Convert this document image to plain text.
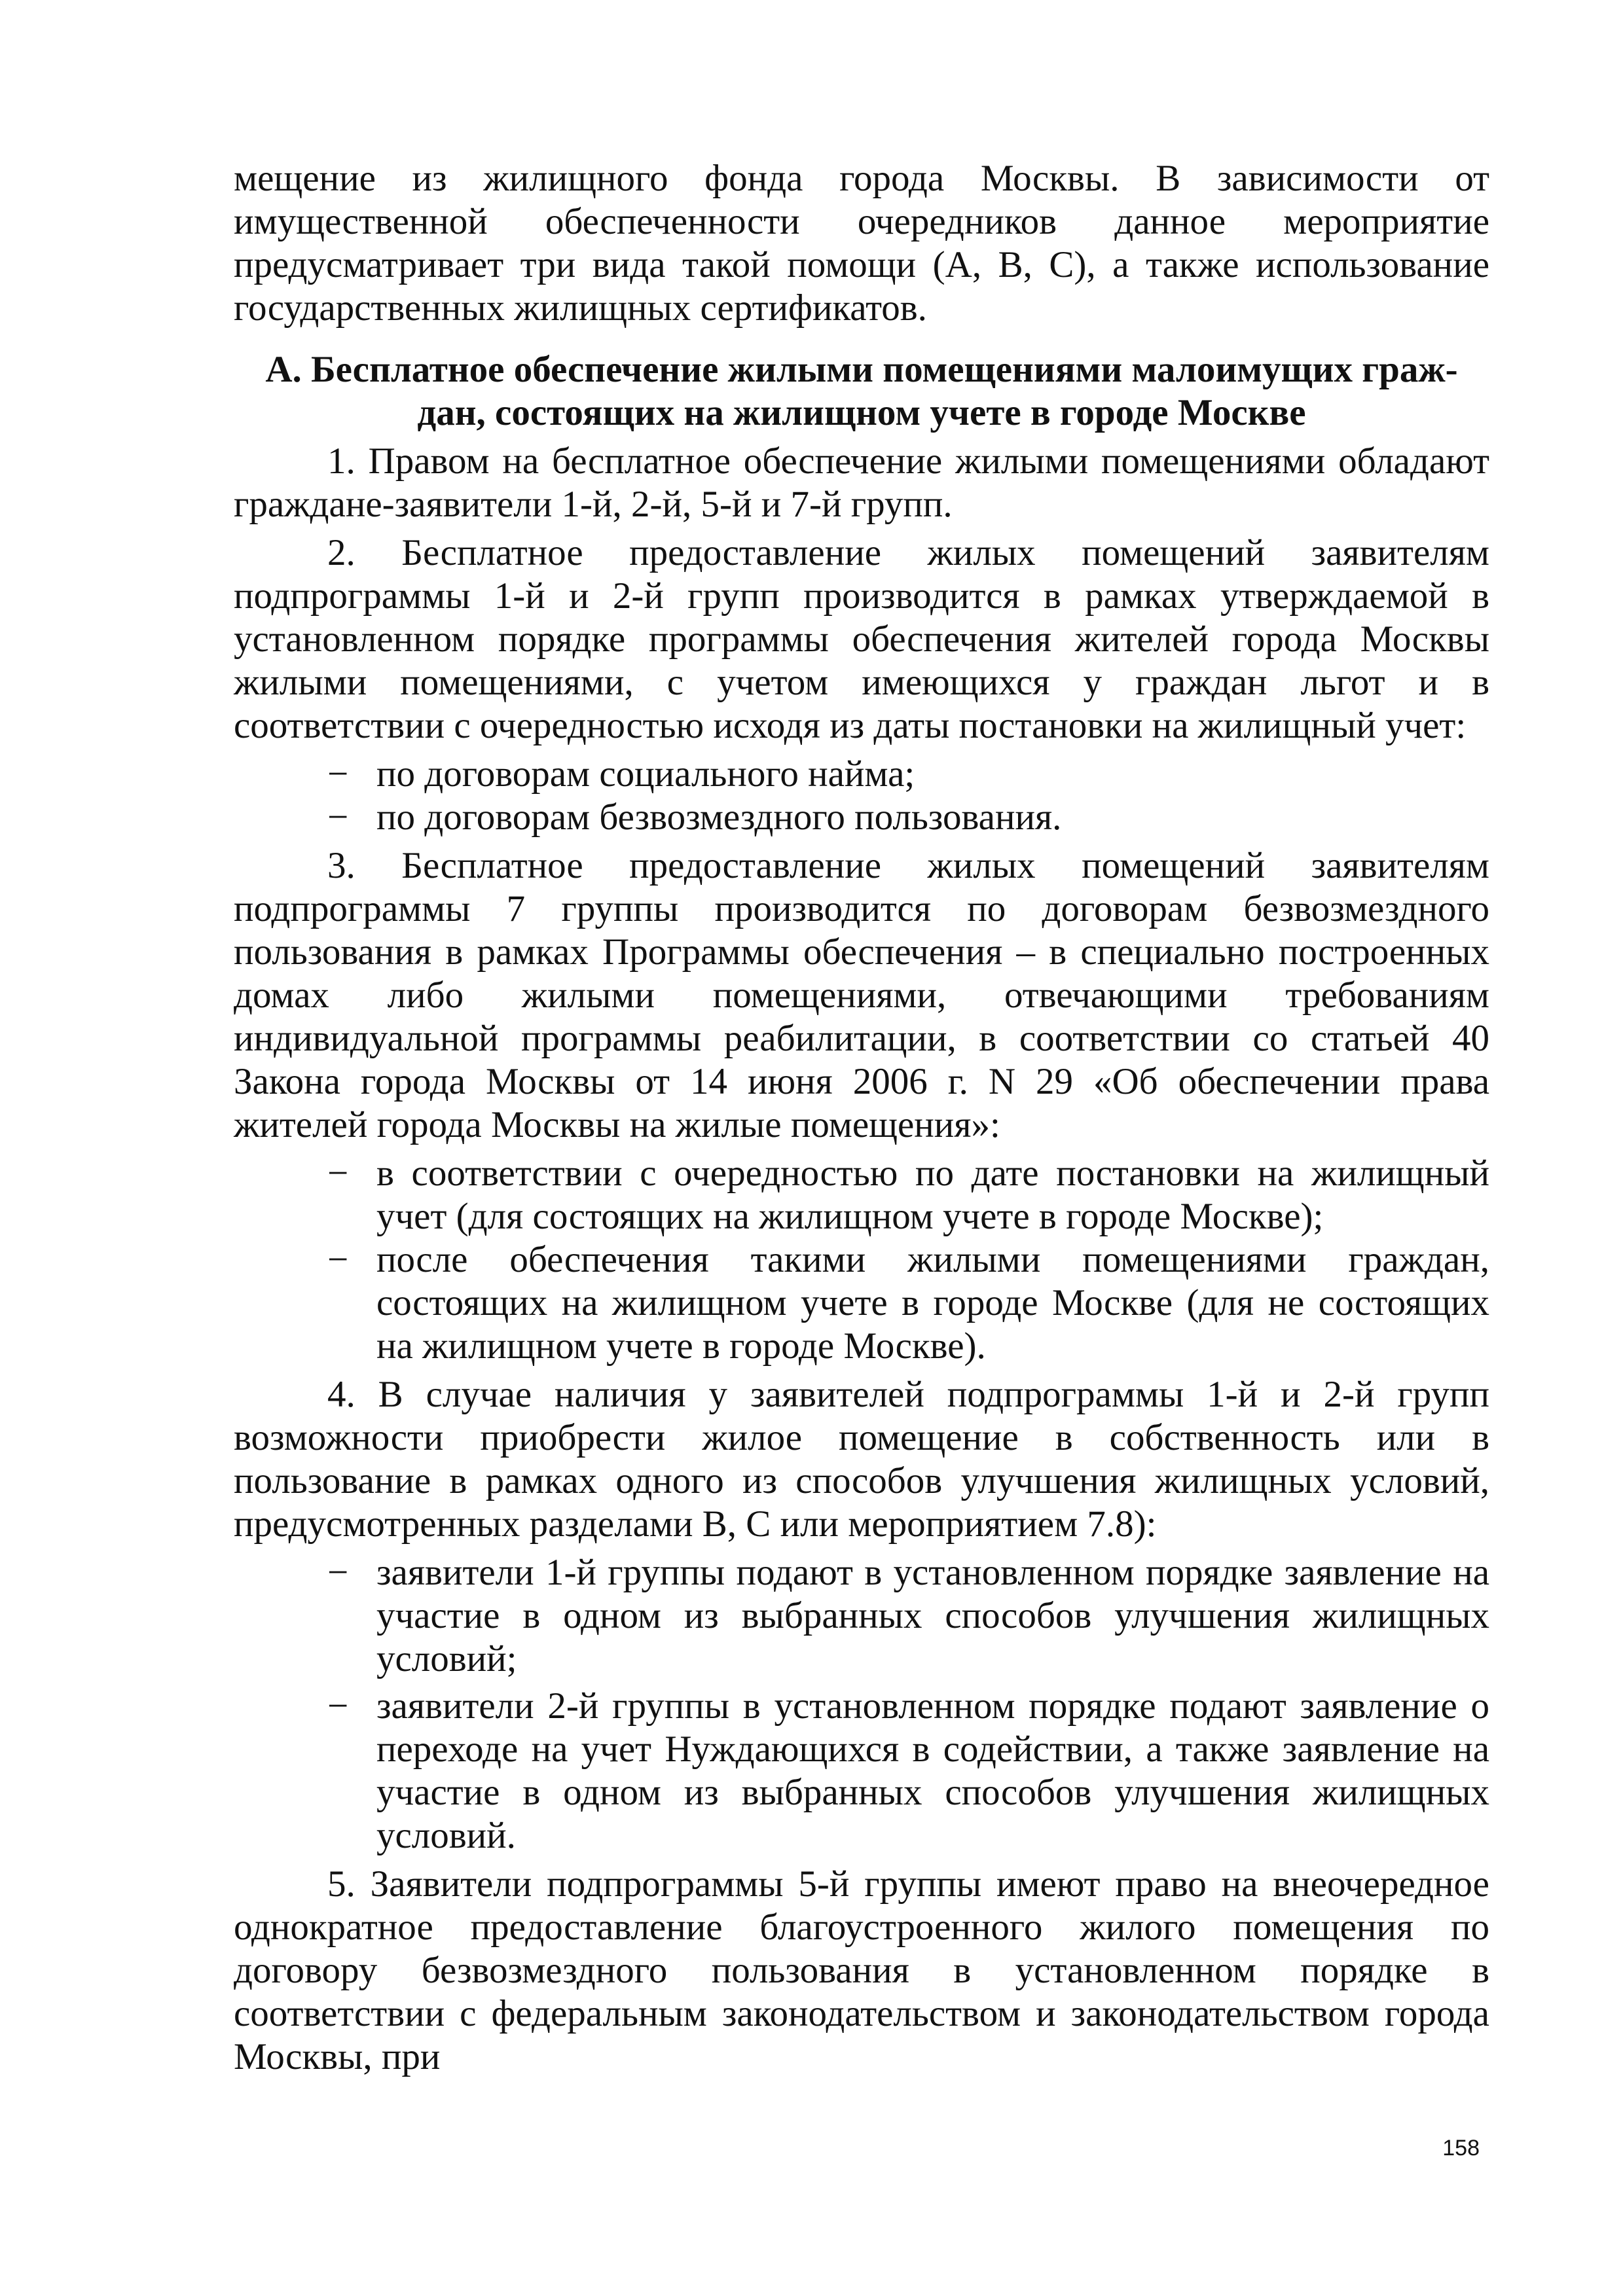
мещение из жилищного фонда города Москвы. В зависимости от имущественной обеспеченности очередников данное мероприятие предусматривает три вида такой помощи (А, В, С), а также использование государственных жилищных сертификатов.

А. Бесплатное обеспечение жилыми помещениями малоимущих граж-
дан, состоящих на жилищном учете в городе Москве

1. Правом на бесплатное обеспечение жилыми помещениями обладают граждане-заявители 1-й, 2-й, 5-й и 7-й групп.

2. Бесплатное предоставление жилых помещений заявителям подпрограммы 1-й и 2-й групп производится в рамках утверждаемой в установленном порядке программы обеспечения жителей города Москвы жилыми помещениями, с учетом имеющихся у граждан льгот и в соответствии с очередностью исходя из даты постановки на жилищный учет:

− по договорам социального найма;
− по договорам безвозмездного пользования.

3. Бесплатное предоставление жилых помещений заявителям подпрограммы 7 группы производится по договорам безвозмездного пользования в рамках Программы обеспечения – в специально построенных домах либо жилыми помещениями, отвечающими требованиям индивидуальной программы реабилитации, в соответствии со статьей 40 Закона города Москвы от 14 июня 2006 г. N 29 «Об обеспечении права жителей города Москвы на жилые помещения»:

− в соответствии с очередностью по дате постановки на жилищный учет (для состоящих на жилищном учете в городе Москве);
− после обеспечения такими жилыми помещениями граждан, состоящих на жилищном учете в городе Москве (для не состоящих на жилищном учете в городе Москве).

4. В случае наличия у заявителей подпрограммы 1-й и 2-й групп возможности приобрести жилое помещение в собственность или в пользование в рамках одного из способов улучшения жилищных условий, предусмотренных разделами В, С или мероприятием 7.8):

− заявители 1-й группы подают в установленном порядке заявление на участие в одном из выбранных способов улучшения жилищных условий;
− заявители 2-й группы в установленном порядке подают заявление о переходе на учет Нуждающихся в содействии, а также заявление на участие в одном из выбранных способов улучшения жилищных условий.

5. Заявители подпрограммы 5-й группы имеют право на внеочередное однократное предоставление благоустроенного жилого помещения по договору безвозмездного пользования в установленном порядке в соответствии с федеральным законодательством и законодательством города Москвы, при

158
